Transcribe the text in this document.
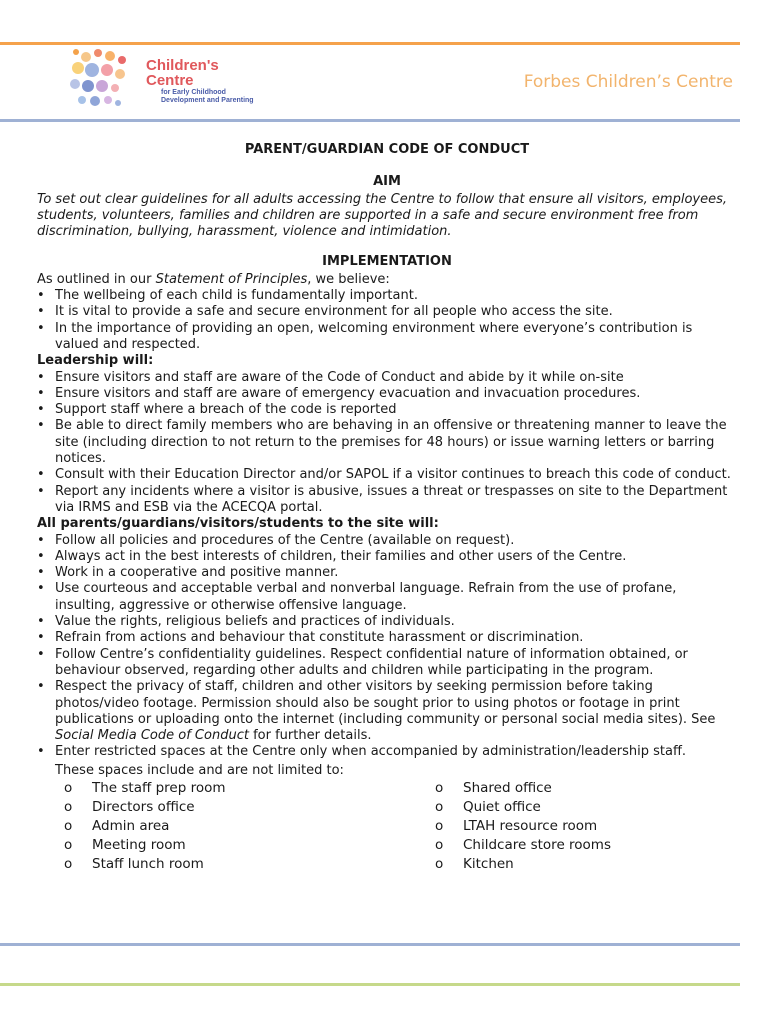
Children's
Centre
for Early Childhood
Development and Parenting
Forbes Children’s Centre

PARENT/GUARDIAN CODE OF CONDUCT

AIM

To set out clear guidelines for all adults accessing the Centre to follow that ensure all visitors, employees, students, volunteers, families and children are supported in a safe and secure environment free from discrimination, bullying, harassment, violence and intimidation.

IMPLEMENTATION

As outlined in our Statement of Principles, we believe:

• The wellbeing of each child is fundamentally important.
• It is vital to provide a safe and secure environment for all people who access the site.
• In the importance of providing an open, welcoming environment where everyone’s contribution is valued and respected.

Leadership will:

• Ensure visitors and staff are aware of the Code of Conduct and abide by it while on-site
• Ensure visitors and staff are aware of emergency evacuation and invacuation procedures.
• Support staff where a breach of the code is reported
• Be able to direct family members who are behaving in an offensive or threatening manner to leave the site (including direction to not return to the premises for 48 hours) or issue warning letters or barring notices.
• Consult with their Education Director and/or SAPOL if a visitor continues to breach this code of conduct.
• Report any incidents where a visitor is abusive, issues a threat or trespasses on site to the Department via IRMS and ESB via the ACECQA portal.

All parents/guardians/visitors/students to the site will:

• Follow all policies and procedures of the Centre (available on request).
• Always act in the best interests of children, their families and other users of the Centre.
• Work in a cooperative and positive manner.
• Use courteous and acceptable verbal and nonverbal language. Refrain from the use of profane, insulting, aggressive or otherwise offensive language.
• Value the rights, religious beliefs and practices of individuals.
• Refrain from actions and behaviour that constitute harassment or discrimination.
• Follow Centre’s confidentiality guidelines. Respect confidential nature of information obtained, or behaviour observed, regarding other adults and children while participating in the program.
• Respect the privacy of staff, children and other visitors by seeking permission before taking photos/video footage. Permission should also be sought prior to using photos or footage in print publications or uploading onto the internet (including community or personal social media sites). See Social Media Code of Conduct for further details.
• Enter restricted spaces at the Centre only when accompanied by administration/leadership staff.

These spaces include and are not limited to:

o The staff prep room
o Directors office
o Admin area
o Meeting room
o Staff lunch room
o Shared office
o Quiet office
o LTAH resource room
o Childcare store rooms
o Kitchen
